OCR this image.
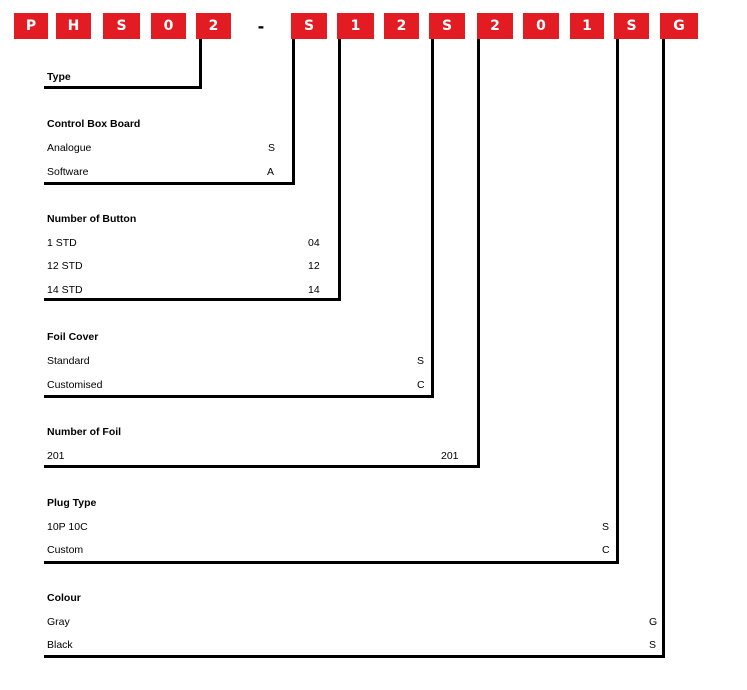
P	H	S	0	2	-	S	1	2	S	2	0	1	S	G
Type
Control Box Board
Analogue	S
Software	A
Number of Button
1 STD	04
12 STD	12
14 STD	14
Foil Cover
Standard	S
Customised	C
Number of Foil
201	201
Plug Type
10P 10C	S
Custom	C
Colour
Gray	G
Black	S
